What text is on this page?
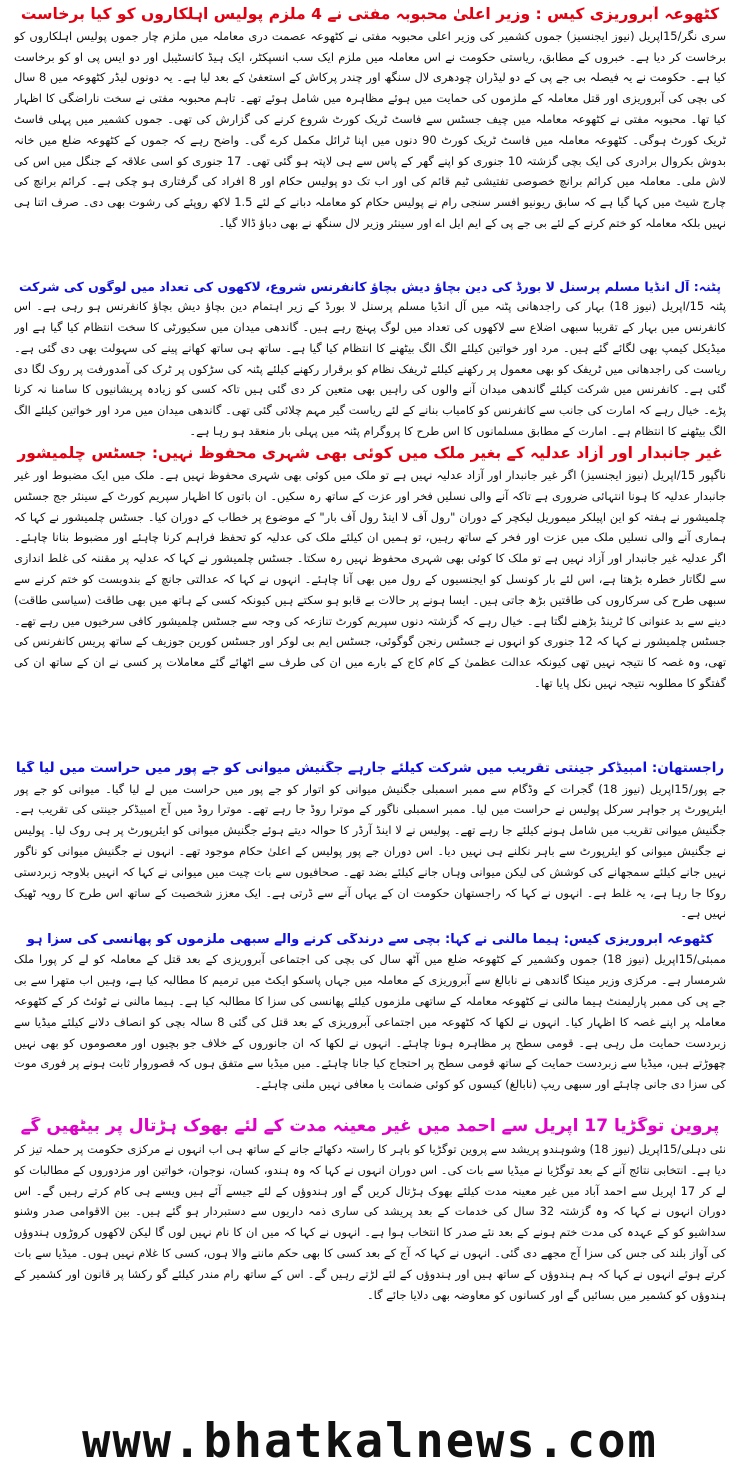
کٹھوعہ آبروریزی کیس : وزیر اعلیٰ محبوبہ مفتی نے 4 ملزم پولیس اہلکاروں کو کیا برخاست

سری نگر/15اپریل (نیوز ایجنسیز) جموں کشمیر کی وزیر اعلی محبوبہ مفتی نے کٹھوعہ عصمت دری معاملہ میں ملزم چار جموں پولیس اہلکاروں کو برخاست کر دیا ہے۔ خبروں کے مطابق، ریاستی حکومت نے اس معاملہ میں ملزم ایک سب انسپکٹر، ایک ہیڈ کانسٹیبل اور دو ایس پی او کو برخاست کیا ہے۔ حکومت نے یہ فیصلہ بی جے پی کے دو لیڈران چودھری لال سنگھ اور چندر پرکاش کے استعفیٰ کے بعد لیا ہے۔ یہ دونوں لیڈر کٹھوعہ میں 8 سال کی بچی کی آبروریزی اور قتل معاملہ کے ملزموں کی حمایت میں ہوئے مظاہرہ میں شامل ہوئے تھے۔ تاہم محبوبہ مفتی نے سخت ناراضگی کا اظہار کیا تھا۔ محبوبہ مفتی نے کٹھوعہ معاملہ میں چیف جسٹس سے فاسٹ ٹریک کورٹ شروع کرنے کی گزارش کی تھی۔ جموں کشمیر میں پہلی فاسٹ ٹریک کورٹ ہوگی۔ کٹھوعہ معاملہ میں فاسٹ ٹریک کورٹ 90 دنوں میں اپنا ٹرائل مکمل کرے گی۔ واضح رہے کہ جموں کے کٹھوعہ ضلع میں خانہ بدوش بکروال برادری کی ایک بچی گزشتہ 10 جنوری کو اپنے گھر کے پاس سے ہی لاپتہ ہو گئی تھی۔ 17 جنوری کو اسی علاقہ کے جنگل میں اس کی لاش ملی۔ معاملہ میں کرائم برانچ خصوصی تفتیشی ٹیم قائم کی اور اب تک دو پولیس حکام اور 8 افراد کی گرفتاری ہو چکی ہے۔ کرائم برانچ کی چارج شیٹ میں کہا گیا ہے کہ سابق ریونیو افسر سنجی رام نے پولیس حکام کو معاملہ دبانے کے لئے 1.5 لاکھ روپئے کی رشوت بھی دی۔ صرف اتنا ہی نہیں بلکہ معاملہ کو ختم کرنے کے لئے بی جے پی کے ایم ایل اے اور سینئر وزیر لال سنگھ نے بھی دباؤ ڈالا گیا۔

پٹنہ: آل انڈیا مسلم پرسنل لا بورڈ کی دین بچاؤ دیش بچاؤ کانفرنس شروع، لاکھوں کی تعداد میں لوگوں کی شرکت

پٹنہ 15/اپریل (نیوز 18) بہار کی راجدھانی پٹنہ میں آل انڈیا مسلم پرسنل لا بورڈ کے زیر اہتمام دین بچاؤ دیش بچاؤ کانفرنس ہو رہی ہے۔ اس کانفرنس میں بہار کے تقریبا سبھی اضلاع سے لاکھوں کی تعداد میں لوگ پہنچ رہے ہیں۔ گاندھی میدان میں سکیورٹی کا سخت انتظام کیا گیا ہے اور میڈیکل کیمپ بھی لگائے گئے ہیں۔ مرد اور خواتین کیلئے الگ الگ بیٹھنے کا انتظام کیا گیا ہے۔ ساتھ ہی ساتھ کھانے پینے کی سہولت بھی دی گئی ہے۔ ریاست کی راجدھانی میں ٹریفک کو بھی معمول پر رکھنے کیلئے ٹریفک نظام کو برقرار رکھنے کیلئے پٹنہ کی سڑکوں پر ٹرک کی آمدورفت پر روک لگا دی گئی ہے۔ کانفرنس میں شرکت کیلئے گاندھی میدان آنے والوں کی راہیں بھی متعین کر دی گئی ہیں تاکہ کسی کو زیادہ پریشانیوں کا سامنا نہ کرنا پڑے۔ خیال رہے کہ امارت کی جانب سے کانفرنس کو کامیاب بنانے کے لئے ریاست گیر مہم چلائی گئی تھی۔ گاندھی میدان میں مرد اور خواتین کیلئے الگ الگ بیٹھنے کا انتظام ہے۔ امارت کے مطابق مسلمانوں کا اس طرح کا پروگرام پٹنہ میں پہلی بار منعقد ہو رہا ہے۔

غیر جانبدار اور آزاد عدلیہ کے بغیر ملک میں کوئی بھی شہری محفوظ نہیں: جسٹس چلمیشور

ناگپور 15/اپریل (نیوز ایجنسیز) اگر غیر جانبدار اور آزاد عدلیہ نہیں ہے تو ملک میں کوئی بھی شہری محفوظ نہیں ہے۔ ملک میں ایک مضبوط اور غیر جانبدار عدلیہ کا ہونا انتہائی ضروری ہے تاکہ آنے والی نسلیں فخر اور عزت کے ساتھ رہ سکیں۔ ان باتوں کا اظہار سپریم کورٹ کے سینئر جج جسٹس چلمیشور نے ہفتہ کو این اپیلکر میموریل لیکچر کے دوران "رول آف لا اینڈ رول آف بار" کے موضوع پر خطاب کے دوران کیا۔ جسٹس چلمیشور نے کہا کہ ہماری آنے والی نسلیں ملک میں عزت اور فخر کے ساتھ رہیں، تو ہمیں ان کیلئے ملک کی عدلیہ کو تحفظ فراہم کرنا چاہئے اور مضبوط بنانا چاہئے۔ اگر عدلیہ غیر جانبدار اور آزاد نہیں ہے تو ملک کا کوئی بھی شہری محفوظ نہیں رہ سکتا۔ جسٹس چلمیشور نے کہا کہ عدلیہ پر مقننہ کی غلط اندازی سے لگاتار خطرہ بڑھتا ہے، اس لئے بار کونسل کو ایجنسیوں کے رول میں بھی آنا چاہئے۔ انہوں نے کہا کہ عدالتی جانچ کے بندوبست کو ختم کرنے سے سبھی طرح کی سرکاروں کی طاقتیں بڑھ جاتی ہیں۔ ایسا ہونے پر حالات بے قابو ہو سکتے ہیں کیونکہ کسی کے ہاتھ میں بھی طاقت (سیاسی طاقت) دینے سے بد عنوانی کا ٹرینڈ بڑھنے لگتا ہے۔ خیال رہے کہ گزشتہ دنوں سپریم کورٹ تنازعہ کی وجہ سے جسٹس چلمیشور کافی سرخیوں میں رہے تھے۔ جسٹس چلمیشور نے کہا کہ 12 جنوری کو انہوں نے جسٹس رنجن گوگوئی، جسٹس ایم بی لوکر اور جسٹس کورین جوزیف کے ساتھ پریس کانفرنس کی تھی، وہ غصہ کا نتیجہ نہیں تھی کیونکہ عدالت عظمیٰ کے کام کاج کے بارے میں ان کی طرف سے اٹھائے گئے معاملات پر کسی نے ان کے ساتھ ان کی گفتگو کا مطلوبہ نتیجہ نہیں نکل پایا تھا۔

راجستھان: امبیڈکر جینتی تقریب میں شرکت کیلئے جارہے جگنیش میوانی کو جے پور میں حراست میں لیا گیا

جے پور/15اپریل (نیوز 18) گجرات کے وڈگام سے ممبر اسمبلی جگنیش میوانی کو اتوار کو جے پور میں حراست میں لے لیا گیا۔ میوانی کو جے پور ایئرپورٹ پر جواہر سرکل پولیس نے حراست میں لیا۔ ممبر اسمبلی ناگور کے موترا روڈ جا رہے تھے۔ موترا روڈ میں آج امبیڈکر جینتی کی تقریب ہے۔ جگنیش میوانی تقریب میں شامل ہونے کیلئے جا رہے تھے۔ پولیس نے لا اینڈ آرڈر کا حوالہ دیتے ہوئے جگنیش میوانی کو ایئرپورٹ پر ہی روک لیا۔ پولیس نے جگنیش میوانی کو ایئرپورٹ سے باہر نکلنے ہی نہیں دیا۔ اس دوران جے پور پولیس کے اعلیٰ حکام موجود تھے۔ انہوں نے جگنیش میوانی کو ناگور نہیں جانے کیلئے سمجھانے کی کوشش کی لیکن میوانی وہاں جانے کیلئے بضد تھے۔ صحافیوں سے بات چیت میں میوانی نے کہا کہ انہیں بلاوجہ زبردستی روکا جا رہا ہے، یہ غلط ہے۔ انہوں نے کہا کہ راجستھان حکومت ان کے یہاں آنے سے ڈرتی ہے۔ ایک معزز شخصیت کے ساتھ اس طرح کا رویہ ٹھیک نہیں ہے۔

کٹھوعہ آبروریزی کیس: ہیما مالنی نے کہا: بچی سے درندگی کرنے والے سبھی ملزموں کو پھانسی کی سزا ہو

ممبئی/15اپریل (نیوز 18) جموں وکشمیر کے کٹھوعہ ضلع میں آٹھ سال کی بچی کی اجتماعی آبروریزی کے بعد قتل کے معاملہ کو لے کر پورا ملک شرمسار ہے۔ مرکزی وزیر مینکا گاندھی نے نابالغ سے آبروریزی کے معاملہ میں جہاں پاسکو ایکٹ میں ترمیم کا مطالبہ کیا ہے، وہیں اب متھرا سے بی جے پی کی ممبر پارلیمنٹ ہیما مالنی نے کٹھوعہ معاملہ کے ساتھی ملزموں کیلئے پھانسی کی سزا کا مطالبہ کیا ہے۔ ہیما مالنی نے ٹوئٹ کر کے کٹھوعہ معاملہ پر اپنے غصہ کا اظہار کیا۔ انہوں نے لکھا کہ کٹھوعہ میں اجتماعی آبروریزی کے بعد قتل کی گئی 8 سالہ بچی کو انصاف دلانے کیلئے میڈیا سے زبردست حمایت مل رہی ہے۔ قومی سطح پر مظاہرہ ہونا چاہئے۔ انہوں نے لکھا کہ ان جانوروں کے خلاف جو بچیوں اور معصوموں کو بھی نہیں چھوڑتے ہیں، میڈیا سے زبردست حمایت کے ساتھ قومی سطح پر احتجاج کیا جانا چاہئے۔ میں میڈیا سے متفق ہوں کہ قصوروار ثابت ہونے پر فوری موت کی سزا دی جانی چاہئے اور سبھی ریپ (نابالغ) کیسوں کو کوئی ضمانت یا معافی نہیں ملنی چاہئے۔

پروین توگڑیا 17 اپریل سے احمد میں غیر معینہ مدت کے لئے بھوک ہڑتال پر بیٹھیں گے

نئی دہلی/15اپریل (نیوز 18) وشوہندو پریشد سے پروین توگڑیا کو باہر کا راستہ دکھائے جانے کے ساتھ ہی اب انہوں نے مرکزی حکومت پر حملہ تیز کر دیا ہے۔ انتخابی نتائج آنے کے بعد توگڑیا نے میڈیا سے بات کی۔ اس دوران انہوں نے کہا کہ وہ ہندو، کسان، نوجوان، خواتین اور مزدوروں کے مطالبات کو لے کر 17 اپریل سے احمد آباد میں غیر معینہ مدت کیلئے بھوک ہڑتال کریں گے اور ہندوؤں کے لئے جیسے آئے ہیں ویسے ہی کام کرتے رہیں گے۔ اس دوران انہوں نے کہا کہ وہ گزشتہ 32 سال کی خدمات کے بعد پریشد کی ساری ذمہ داریوں سے دستبردار ہو گئے ہیں۔ بین الاقوامی صدر وشنو سداشیو کو کے عہدہ کی مدت ختم ہونے کے بعد نئے صدر کا انتخاب ہوا ہے۔ انہوں نے کہا کہ میں ان کا نام نہیں لوں گا لیکن لاکھوں کروڑوں ہندوؤں کی آواز بلند کی جس کی سزا آج مجھے دی گئی۔ انہوں نے کہا کہ آج کے بعد کسی کا بھی حکم ماننے والا ہوں، کسی کا غلام نہیں ہوں۔ میڈیا سے بات کرتے ہوئے انہوں نے کہا کہ ہم ہندوؤں کے ساتھ ہیں اور ہندوؤں کے لئے لڑتے رہیں گے۔ اس کے ساتھ رام مندر کیلئے گو رکشا پر قانون اور کشمیر کے ہندوؤں کو کشمیر میں بسائیں گے اور کسانوں کو معاوضہ بھی دلایا جائے گا۔

www.bhatkalnews.com
